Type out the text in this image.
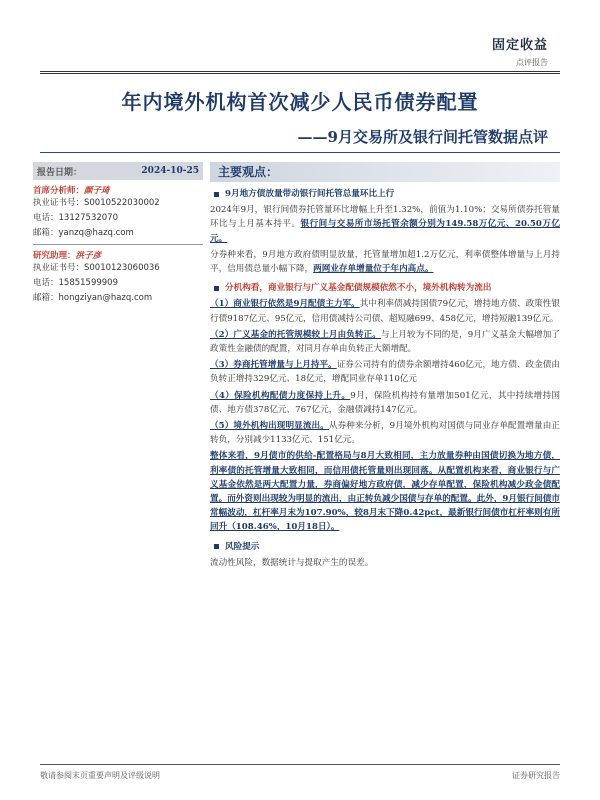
固定收益
点评报告
年内境外机构首次减少人民币债券配置
——9月交易所及银行间托管数据点评
报告日期：	2024-10-25
首席分析师：颜子琦
执业证书号：S0010522030002
电话：13127532070
邮箱：yanzq@hazq.com
研究助理：洪子彦
执业证书号：S0010123060036
电话：15851599909
邮箱：hongziyan@hazq.com
主要观点：
9月地方债放量带动银行间托管总量环比上行
2024年9月，银行间债券托管量环比增幅上升至1.32%，前值为1.10%；交易所债券托管量环比与上月基本持平。银行间与交易所市场托管余额分别为149.58万亿元、20.50万亿元。
分券种来看，9月地方政府债明显放量，托管量增加超1.2万亿元，利率债整体增量与上月持平，信用债总量小幅下降，两网业存单增量位于年内高点。
分机构看，商业银行与广义基金配债规模依然不小，境外机构转为流出
（1）商业银行依然是9月配债主力军。其中利率债减持国债79亿元，增持地方债、政策性银行债9187亿元、95亿元，信用债减持公司债、超短融699、458亿元，增持短融139亿元。
（2）广义基金的托管规模较上月由负转正。与上月较为不同的是，9月广义基金大幅增加了政策性金融债的配置，对同月存单由负转正大额增配。
（3）券商托管增量与上月持平。证券公司持有的债券余额增持460亿元，地方债、政金债由负转正增持329亿元、18亿元，增配同业存单110亿元
（4）保险机构配债力度保持上升。9月，保险机构持有量增加501亿元，其中持续增持国债、地方债378亿元、767亿元，金融债减持147亿元。
（5）境外机构出现明显流出。从券种来分析，9月境外机构对国债与同业存单配置增量由正转负，分别减少1133亿元、151亿元。
整体来看，9月债市的供给-配置格局与8月大致相同，主力放量券种由国债切换为地方债，利率债的托管增量大致相同，而信用债托管量则出现回落。从配置机构来看，商业银行与广义基金依然是两大配置力量，券商偏好地方政府债，减少存单配置，保险机构减少政金债配置。而外资则出现较为明显的流出，由正转负减少国债与存单的配置。此外，9月银行间债市常幅波动，杠杆率月末为107.90%，较8月末下降0.42pct，最新银行间债市杠杆率则有所回升（108.46%，10月18日）。
风险提示
流动性风险，数据统计与提取产生的误差。
敬请参阅末页重要声明及评级说明	证券研究报告
